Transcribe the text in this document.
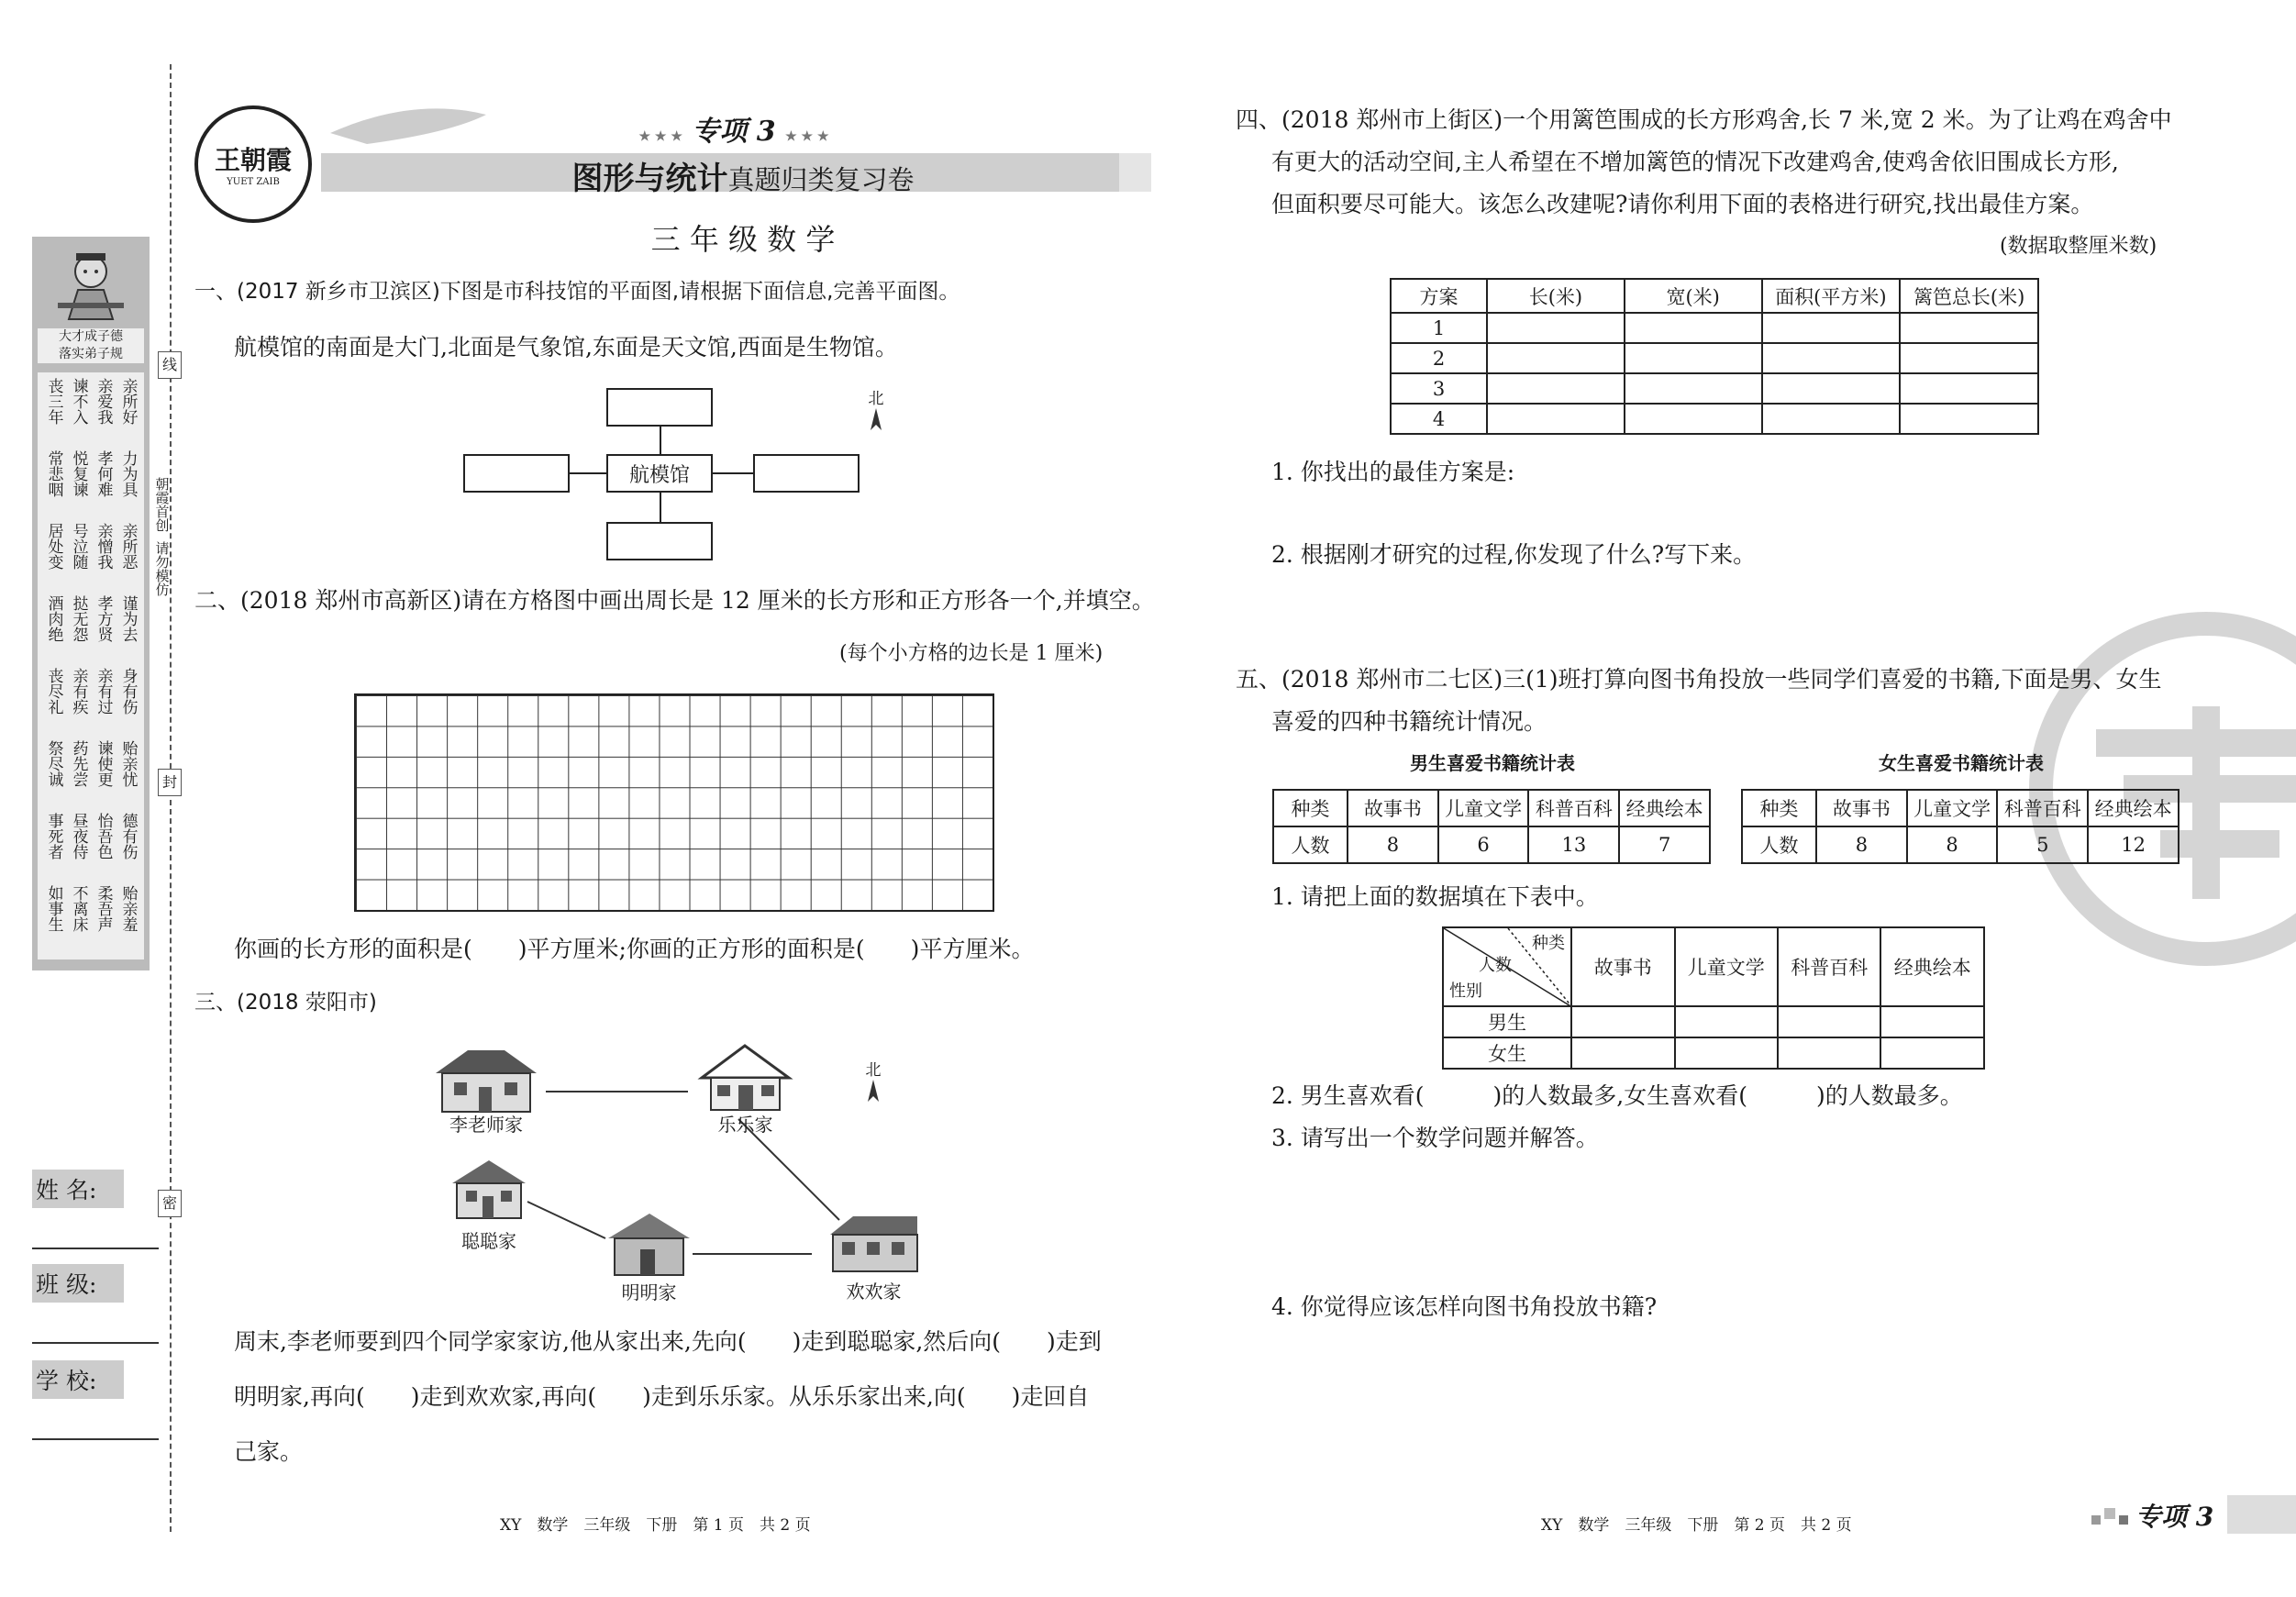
线
封
密
朝霞首创
请勿模仿
大才成子德
落实弟子规
丧三年 谏不入 亲爱我 亲所好
常悲咽 悦复谏 孝何难 力为具
居处变 号泣随 亲憎我 亲所恶
酒肉绝 挞无怨 孝方贤 谨为去
丧尽礼 亲有疾 亲有过 身有伤
祭尽诚 药先尝 谏使更 贻亲忧
事死者 昼夜侍 怡吾色 德有伤
如事生 不离床 柔吾声 贻亲羞
姓 名:
班 级:
学 校:
王朝霞
YUET ZAIB
★ ★ ★ 专项 3 ★ ★ ★
图形与统计真题归类复习卷
三 年 级 数 学
一、(2017 新乡市卫滨区)下图是市科技馆的平面图,请根据下面信息,完善平面图。
航模馆的南面是大门,北面是气象馆,东面是天文馆,西面是生物馆。
航模馆
北
二、(2018 郑州市高新区)请在方格图中画出周长是 12 厘米的长方形和正方形各一个,并填空。
(每个小方格的边长是 1 厘米)
你画的长方形的面积是(　　)平方厘米;你画的正方形的面积是(　　)平方厘米。
三、(2018 荥阳市)
李老师家	乐乐家
聪聪家
明明家	欢欢家
北
周末,李老师要到四个同学家家访,他从家出来,先向(　　)走到聪聪家,然后向(　　)走到
明明家,再向(　　)走到欢欢家,再向(　　)走到乐乐家。从乐乐家出来,向(　　)走回自
己家。
XY　数学　三年级　下册　第 1 页　共 2 页
四、(2018 郑州市上街区)一个用篱笆围成的长方形鸡舍,长 7 米,宽 2 米。为了让鸡在鸡舍中
有更大的活动空间,主人希望在不增加篱笆的情况下改建鸡舍,使鸡舍依旧围成长方形,
但面积要尽可能大。该怎么改建呢?请你利用下面的表格进行研究,找出最佳方案。
(数据取整厘米数)
方案	长(米)	宽(米)	面积(平方米)	篱笆总长(米)
1				
2				
3				
4				
1. 你找出的最佳方案是:
2. 根据刚才研究的过程,你发现了什么?写下来。
五、(2018 郑州市二七区)三(1)班打算向图书角投放一些同学们喜爱的书籍,下面是男、女生
喜爱的四种书籍统计情况。
男生喜爱书籍统计表
种类	故事书	儿童文学	科普百科	经典绘本
人数	8	6	13	7
女生喜爱书籍统计表
种类	故事书	儿童文学	科普百科	经典绘本
人数	8	8	5	12
1. 请把上面的数据填在下表中。
种类
人数
性别	故事书	儿童文学	科普百科	经典绘本
男生				
女生				
2. 男生喜欢看(　　　)的人数最多,女生喜欢看(　　　)的人数最多。
3. 请写出一个数学问题并解答。
4. 你觉得应该怎样向图书角投放书籍?
XY　数学　三年级　下册　第 2 页　共 2 页	专项 3
